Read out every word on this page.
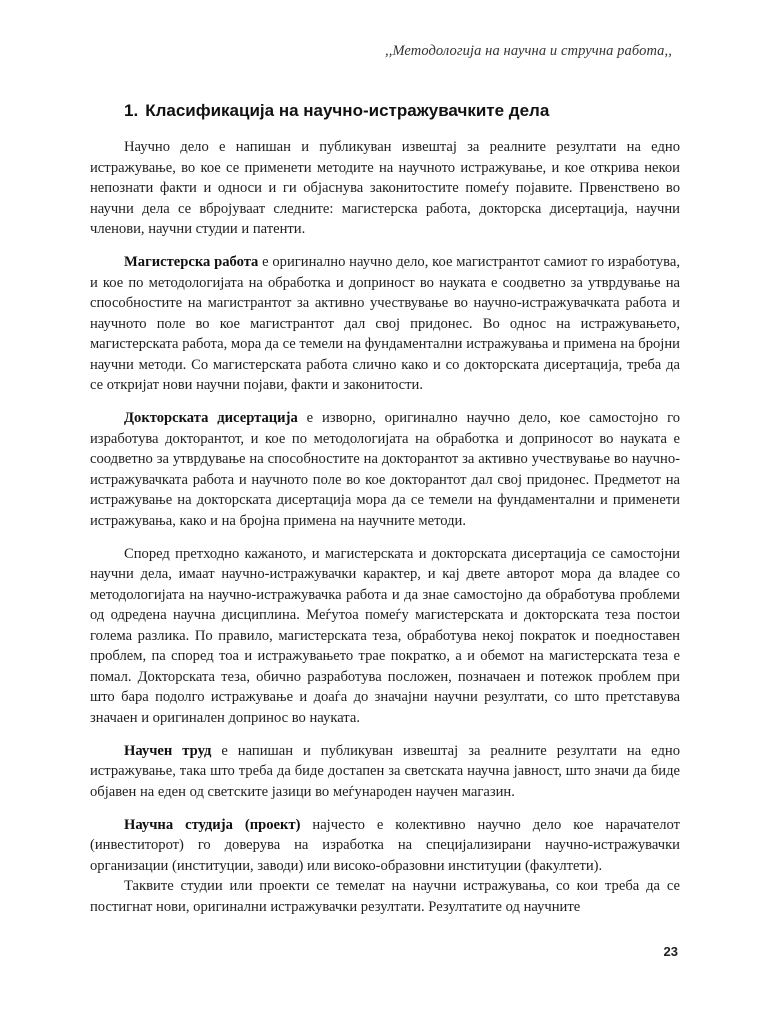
,,Методологија на научна и стручна работа,,
1. Класификација на научно-истражувачките дела

Научно дело е напишан и публикуван извештај за реалните резултати на едно истражување, во кое се применети методите на научното истражување, и кое открива некои непознати факти и односи и ги објаснува законитостите помеѓу појавите. Првенствено во научни дела се вбројуваат следните: магистерска работа, докторска дисертација, научни членови, научни студии и патенти.

Магистерска работа е оригинално научно дело, кое магистрантот самиот го изработува, и кое по методологијата на обработка и доприност во науката е соодветно за утврдување на способностите на магистрантот за активно учествување во научно-истражувачката работа и научното поле во кое магистрантот дал свој придонес. Во однос на истражувањето, магистерската работа, мора да се темели на фундаментални истражувања и примена на бројни научни методи. Со магистерската работа слично како и со докторската дисертација, треба да се откријат нови научни појави, факти и законитости.

Докторската дисертација е изворно, оригинално научно дело, кое самостојно го изработува докторантот, и кое по методологијата на обработка и доприносот во науката е соодветно за утврдување на способностите на докторантот за активно учествување во научно-истражувачката работа и научното поле во кое докторантот дал свој придонес. Предметот на истражување на докторската дисертација мора да се темели на фундаментални и применети истражувања, како и на бројна примена на научните методи.

Според претходно кажаното, и магистерската и докторската дисертација се самостојни научни дела, имаат научно-истражувачки карактер, и кај двете авторот мора да владее со методологијата на научно-истражувачка работа и да знае самостојно да обработува проблеми од одредена научна дисциплина. Меѓутоа помеѓу магистерската и докторската теза постои голема разлика. По правило, магистерската теза, обработува некој пократок и поедноставен проблем, па според тоа и истражувањето трае пократко, а и обемот на магистерската теза е помал. Докторската теза, обично разработува посложен, позначаен и потежок проблем при што бара подолго истражување и доаѓа до значајни научни резултати, со што претставува значаен и оригинален допринос во науката.

Научен труд е напишан и публикуван извештај за реалните резултати на едно истражување, така што треба да биде достапен за светската научна јавност, што значи да биде објавен на еден од светските јазици во меѓународен научен магазин.

Научна студија (проект) најчесто е колективно научно дело кое нарачателот (инвеститорот) го доверува на изработка на специјализирани научно-истражувачки организации (институции, заводи) или високо-образовни институции (факултети).

Таквите студии или проекти се темелат на научни истражувања, со кои треба да се постигнат нови, оригинални истражувачки резултати. Резултатите од научните

23
